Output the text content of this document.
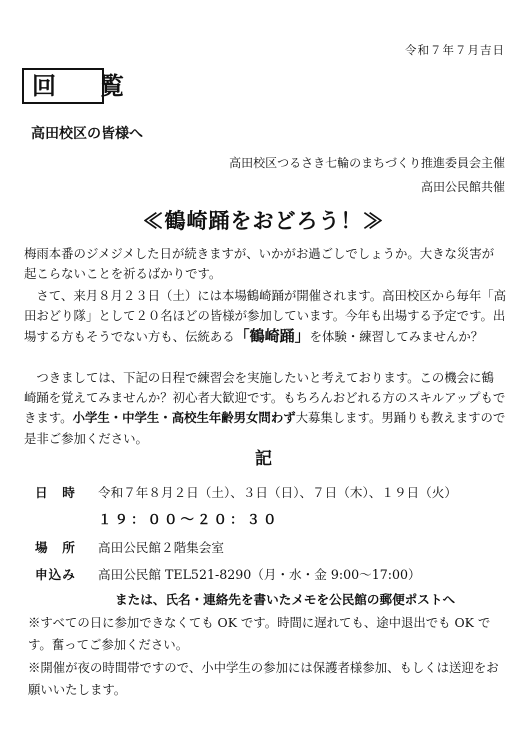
令和７年７月吉日
回　覧
高田校区の皆様へ
高田校区つるさき七輪のまちづくり推進委員会主催
高田公民館共催
≪鶴崎踊をおどろう！≫
梅雨本番のジメジメした日が続きますが、いかがお過ごしでしょうか。大きな災害が起こらないことを祈るばかりです。
　さて、来月８月２３日（土）には本場鶴崎踊が開催されます。高田校区から毎年「高田おどり隊」として２０名ほどの皆様が参加しています。今年も出場する予定です。出場する方もそうでない方も、伝統ある「鶴崎踊」を体験・練習してみませんか？
　つきましては、下記の日程で練習会を実施したいと考えております。この機会に鶴崎踊を覚えてみませんか？初心者大歓迎です。もちろんおどれる方のスキルアップもできます。小学生・中学生・高校生年齢男女問わず大募集します。男踊りも教えますので是非ご参加ください。
記
日　時 令和７年８月２日（土）、３日（日）、７日（木）、１９日（火）
１９：００～２０：３０
場　所 高田公民館２階集会室
申込み 高田公民館 TEL521-8290（月・水・金 9:00～17:00）
または、氏名・連絡先を書いたメモを公民館の郵便ポストへ
※すべての日に参加できなくても OK です。時間に遅れても、途中退出でも OK です。奮ってご参加ください。
※開催が夜の時間帯ですので、小中学生の参加には保護者様参加、もしくは送迎をお願いいたします。
